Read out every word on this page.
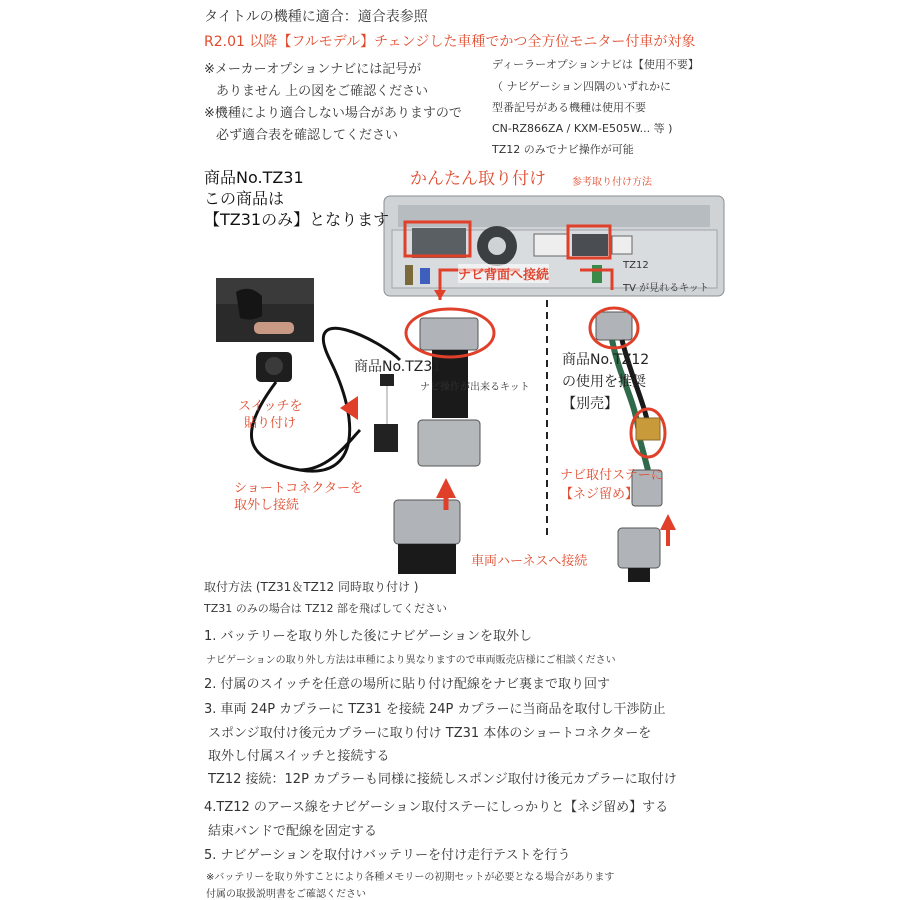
タイトルの機種に適合：適合表参照
R2.01 以降【フルモデル】チェンジした車種でかつ全方位モニター付車が対象
※メーカーオプションナビには記号が
ありません 上の図をご確認ください
※機種により適合しない場合がありますので
必ず適合表を確認してください
ディーラーオプションナビは【使用不要】
（ ナビゲーション四隅のいずれかに
型番記号がある機種は使用不要
CN-RZ866ZA / KXM-E505W... 等 )
TZ12 のみでナビ操作が可能
商品No.TZ31
この商品は
【TZ31のみ】となります
かんたん取り付け	参考取り付け方法
ナビ背面へ接続
TZ12
TV が見れるキット
商品No.TZ31
ナビ操作が出来るキット
商品No.TZ12
の使用を推奨
【別売】
スイッチを
貼り付け
ショートコネクターを
取外し接続
ナビ取付ステーに
【ネジ留め】
車両ハーネスへ接続
取付方法 (TZ31＆TZ12 同時取り付け )
TZ31 のみの場合は TZ12 部を飛ばしてください
1. バッテリーを取り外した後にナビゲーションを取外し
ナビゲーションの取り外し方法は車種により異なりますので車両販売店様にご相談ください
2. 付属のスイッチを任意の場所に貼り付け配線をナビ裏まで取り回す
3. 車両 24P カプラーに TZ31 を接続 24P カプラーに当商品を取付し干渉防止
スポンジ取付け後元カプラーに取り付け TZ31 本体のショートコネクターを
取外し付属スイッチと接続する
TZ12 接続：12P カプラーも同様に接続しスポンジ取付け後元カプラーに取付け
4.TZ12 のアース線をナビゲーション取付ステーにしっかりと【ネジ留め】する
結束バンドで配線を固定する
5. ナビゲーションを取付けバッテリーを付け走行テストを行う
※バッテリーを取り外すことにより各種メモリーの初期セットが必要となる場合があります
付属の取扱説明書をご確認ください
